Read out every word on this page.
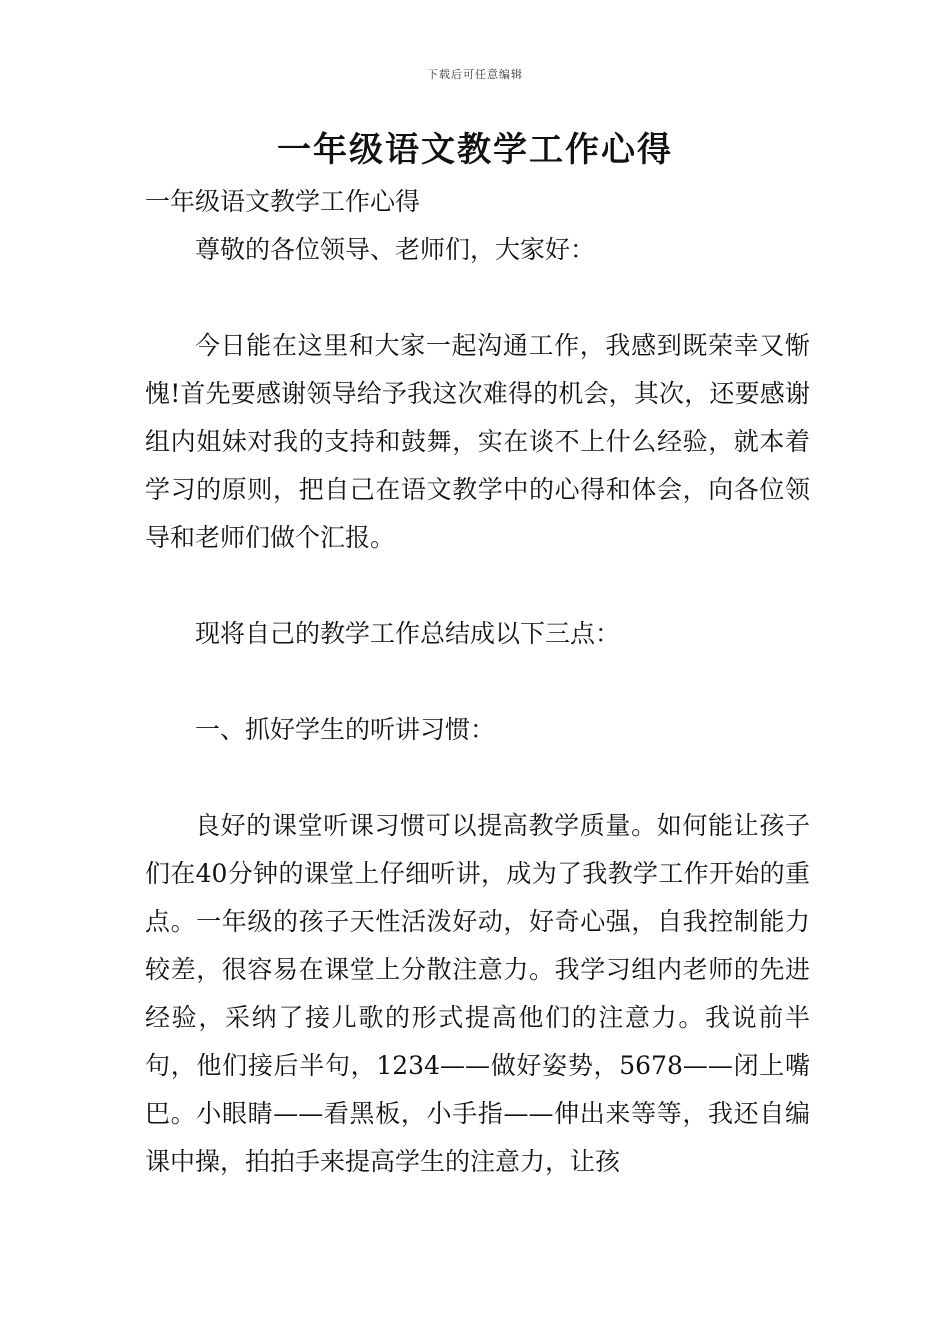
下载后可任意编辑
一年级语文教学工作心得

一年级语文教学工作心得

尊敬的各位领导、老师们，大家好：

今日能在这里和大家一起沟通工作，我感到既荣幸又惭愧!首先要感谢领导给予我这次难得的机会，其次，还要感谢组内姐妹对我的支持和鼓舞，实在谈不上什么经验，就本着学习的原则，把自己在语文教学中的心得和体会，向各位领导和老师们做个汇报。

现将自己的教学工作总结成以下三点：

一、抓好学生的听讲习惯：

良好的课堂听课习惯可以提高教学质量。如何能让孩子们在40分钟的课堂上仔细听讲，成为了我教学工作开始的重点。一年级的孩子天性活泼好动，好奇心强，自我控制能力较差，很容易在课堂上分散注意力。我学习组内老师的先进经验，采纳了接儿歌的形式提高他们的注意力。我说前半句，他们接后半句，1234——做好姿势，5678——闭上嘴巴。小眼睛——看黑板，小手指——伸出来等等，我还自编课中操，拍拍手来提高学生的注意力，让孩
